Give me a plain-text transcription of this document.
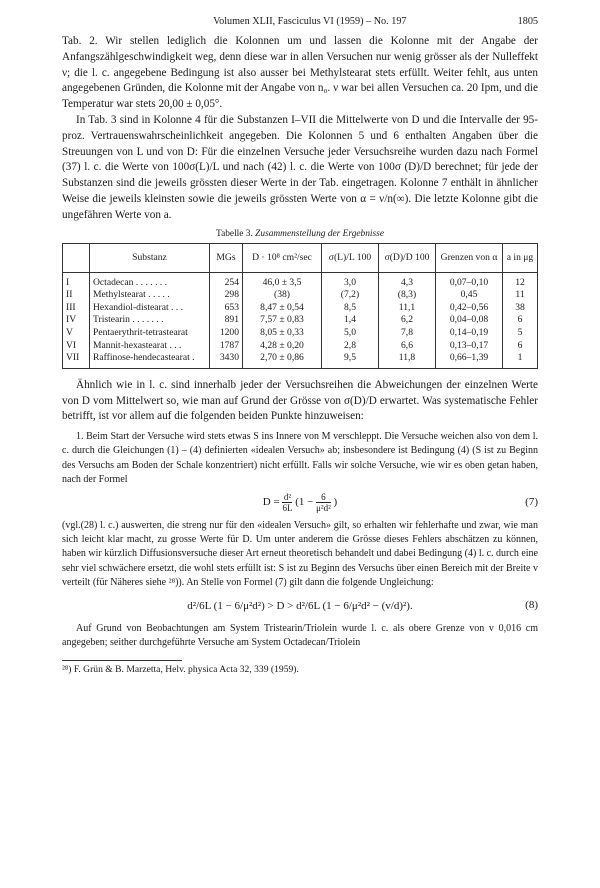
Volumen XLII, Fasciculus VI (1959) – No. 197	1805

Tab. 2. Wir stellen lediglich die Kolonnen um und lassen die Kolonne mit der Angabe der Anfangszählgeschwindigkeit weg, denn diese war in allen Versuchen nur wenig grösser als der Nulleffekt ν; die l. c. angegebene Bedingung ist also ausser bei Methylstearat stets erfüllt. Weiter fehlt, aus unten angegebenen Gründen, die Kolonne mit der Angabe von n₀. ν war bei allen Versuchen ca. 20 Ipm, und die Temperatur war stets 20,00 ± 0,05°.

In Tab. 3 sind in Kolonne 4 für die Substanzen I–VII die Mittelwerte von D und die Intervalle der 95-proz. Vertrauenswahrscheinlichkeit angegeben. Die Kolonnen 5 und 6 enthalten Angaben über die Streuungen von L und von D: Für die einzelnen Versuche jeder Versuchsreihe wurden dazu nach Formel (37) l. c. die Werte von 100σ(L)/L und nach (42) l. c. die Werte von 100σ (D)/D berechnet; für jede der Substanzen sind die jeweils grössten dieser Werte in der Tab. eingetragen. Kolonne 7 enthält in ähnlicher Weise die jeweils kleinsten sowie die jeweils grössten Werte von α = ν/n(∞). Die letzte Kolonne gibt die ungefähren Werte von a.

Tabelle 3. Zusammenstellung der Ergebnisse
	Substanz	MGs	D · 10⁸ cm²/sec	σ(L)/L 100	σ(D)/D 100	Grenzen von α	a in μg
I	Octadecan . . . . . . .	254	46,0 ± 3,5	3,0	4,3	0,07–0,10	12
II	Methylstearat . . . . .	298	(38)	(7,2)	(8,3)	0,45	11
III	Hexandiol-distearat . . .	653	8,47 ± 0,54	8,5	11,1	0,42–0,56	38
IV	Tristearin . . . . . . .	891	7,57 ± 0,83	1,4	6,2	0,04–0,08	6
V	Pentaerythrit-tetrastearat	1200	8,05 ± 0,33	5,0	7,8	0,14–0,19	5
VI	Mannit-hexastearat . . .	1787	4,28 ± 0,20	2,8	6,6	0,13–0,17	6
VII	Raffinose-hendecastearat .	3430	2,70 ± 0,86	9,5	11,8	0,66–1,39	1

Ähnlich wie in l. c. sind innerhalb jeder der Versuchsreihen die Abweichungen der einzelnen Werte von D vom Mittelwert so, wie man auf Grund der Grösse von σ(D)/D erwartet. Was systematische Fehler betrifft, ist vor allem auf die folgenden beiden Punkte hinzuweisen:

1. Beim Start der Versuche wird stets etwas S ins Innere von M verschleppt. Die Versuche weichen also von dem l. c. durch die Gleichungen (1) – (4) definierten «idealen Versuch» ab; insbesondere ist Bedingung (4) (S ist zu Beginn des Versuchs am Boden der Schale konzentriert) nicht erfüllt. Falls wir solche Versuche, wie wir es oben getan haben, nach der Formel

$D = \frac{\text{d²}}{6L} (1 - \frac{6}{\text{μ²d²}}$ )	(7)

(vgl.(28) l. c.) auswerten, die streng nur für den «idealen Versuch» gilt, so erhalten wir fehlerhafte und zwar, wie man sich leicht klar macht, zu grosse Werte für D. Um unter anderem die Grösse dieses Fehlers abschätzen zu können, haben wir kürzlich Diffusionsversuche dieser Art erneut theoretisch behandelt und dabei Bedingung (4) l. c. durch eine sehr viel schwächere ersetzt, die wohl stets erfüllt ist: S ist zu Beginn des Versuchs über einen Bereich mit der Breite v verteilt (für Näheres siehe ²⁸)). An Stelle von Formel (7) gilt dann die folgende Ungleichung:

d²/6L (1 − 6/μ²d²) > D > d²/6L (1 − 6/μ²d² − (v/d)²).	(8)

Auf Grund von Beobachtungen am System Tristearin/Triolein wurde l. c. als obere Grenze von v 0,016 cm angegeben; seither durchgeführte Versuche am System Octadecan/Triolein

²⁸) F. Grün & B. Marzetta, Helv. physica Acta 32, 339 (1959).
